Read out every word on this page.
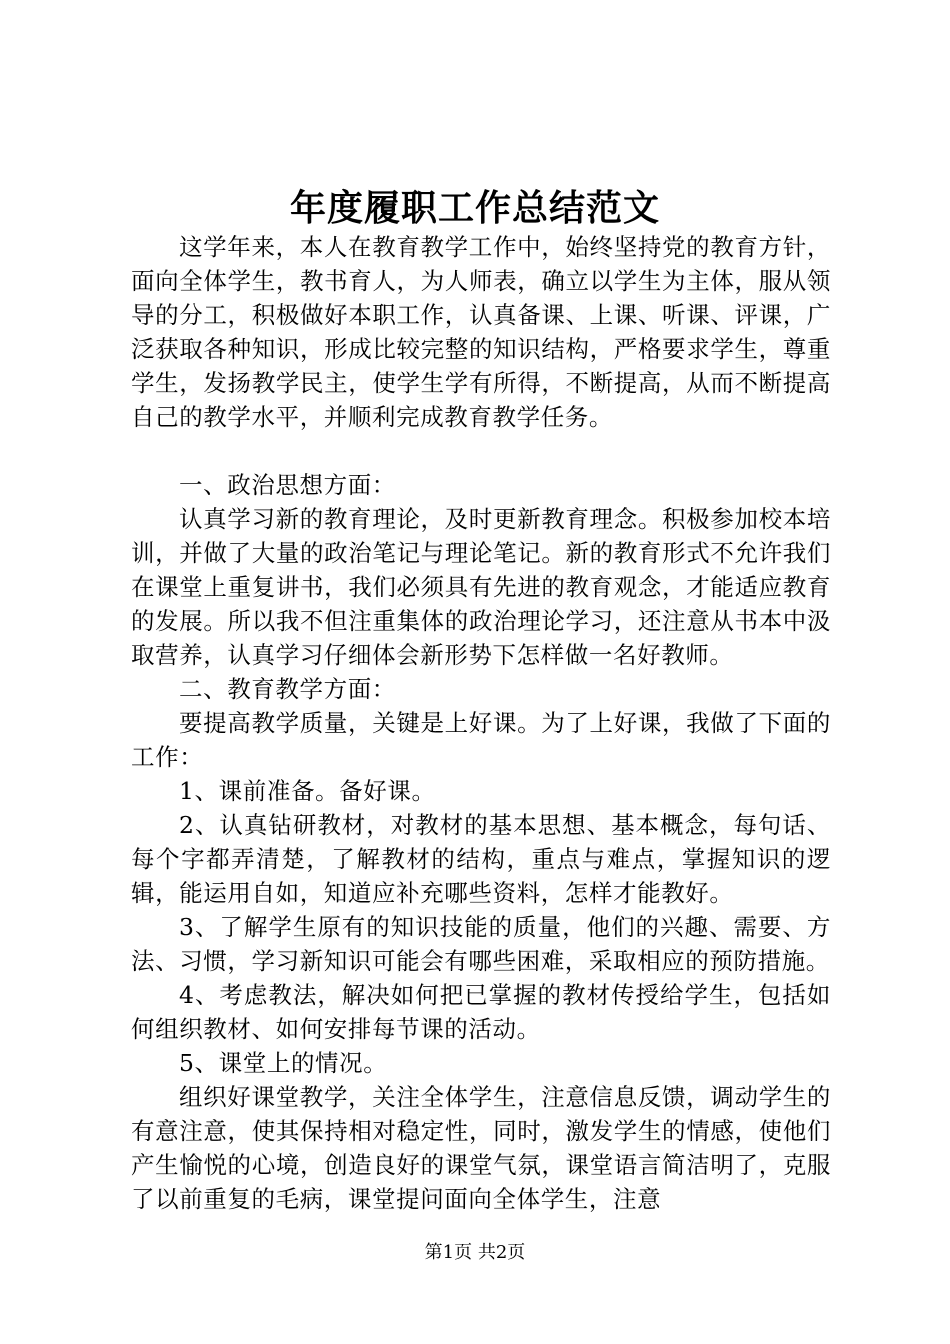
年度履职工作总结范文

这学年来，本人在教育教学工作中，始终坚持党的教育方针，面向全体学生，教书育人，为人师表，确立以学生为主体，服从领导的分工，积极做好本职工作，认真备课、上课、听课、评课，广泛获取各种知识，形成比较完整的知识结构，严格要求学生，尊重学生，发扬教学民主，使学生学有所得，不断提高，从而不断提高自己的教学水平，并顺利完成教育教学任务。

一、政治思想方面：

认真学习新的教育理论，及时更新教育理念。积极参加校本培训，并做了大量的政治笔记与理论笔记。新的教育形式不允许我们在课堂上重复讲书，我们必须具有先进的教育观念，才能适应教育的发展。所以我不但注重集体的政治理论学习，还注意从书本中汲取营养，认真学习仔细体会新形势下怎样做一名好教师。

二、教育教学方面：

要提高教学质量，关键是上好课。为了上好课，我做了下面的工作：

1、课前准备。备好课。

2、认真钻研教材，对教材的基本思想、基本概念，每句话、每个字都弄清楚，了解教材的结构，重点与难点，掌握知识的逻辑，能运用自如，知道应补充哪些资料，怎样才能教好。

3、了解学生原有的知识技能的质量，他们的兴趣、需要、方法、习惯，学习新知识可能会有哪些困难，采取相应的预防措施。

4、考虑教法，解决如何把已掌握的教材传授给学生，包括如何组织教材、如何安排每节课的活动。

5、课堂上的情况。

组织好课堂教学，关注全体学生，注意信息反馈，调动学生的有意注意，使其保持相对稳定性，同时，激发学生的情感，使他们产生愉悦的心境，创造良好的课堂气氛，课堂语言简洁明了，克服了以前重复的毛病，课堂提问面向全体学生，注意

第1页 共2页
